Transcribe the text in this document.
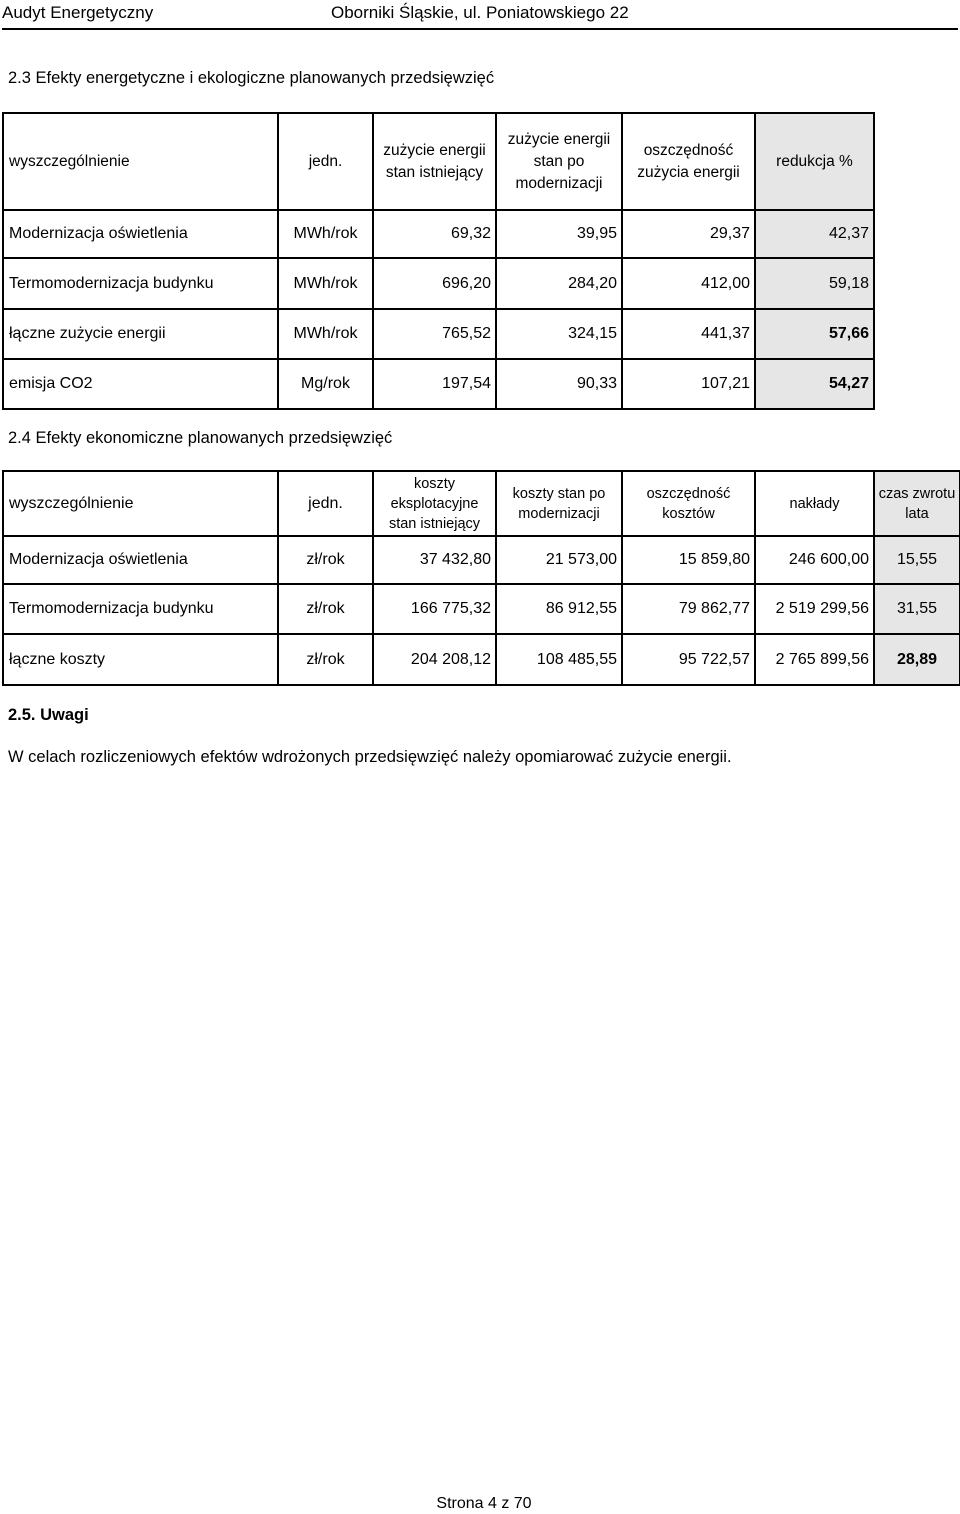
Audyt Energetyczny	Oborniki Śląskie, ul. Poniatowskiego 22
2.3 Efekty energetyczne i ekologiczne planowanych przedsięwzięć
wyszczególnienie	jedn.	zużycie energii stan istniejący	zużycie energii stan po modernizacji	oszczędność zużycia energii	redukcja %
Modernizacja oświetlenia	MWh/rok	69,32	39,95	29,37	42,37
Termomodernizacja budynku	MWh/rok	696,20	284,20	412,00	59,18
łączne zużycie energii	MWh/rok	765,52	324,15	441,37	57,66
emisja CO2	Mg/rok	197,54	90,33	107,21	54,27
2.4 Efekty ekonomiczne planowanych przedsięwzięć
wyszczególnienie	jedn.	koszty eksplotacyjne stan istniejący	koszty stan po modernizacji	oszczędność kosztów	nakłady	czas zwrotu lata
Modernizacja oświetlenia	zł/rok	37 432,80	21 573,00	15 859,80	246 600,00	15,55
Termomodernizacja budynku	zł/rok	166 775,32	86 912,55	79 862,77	2 519 299,56	31,55
łączne koszty	zł/rok	204 208,12	108 485,55	95 722,57	2 765 899,56	28,89
2.5. Uwagi
W celach rozliczeniowych efektów wdrożonych przedsięwzięć należy opomiarować zużycie energii.
Strona 4 z 70
